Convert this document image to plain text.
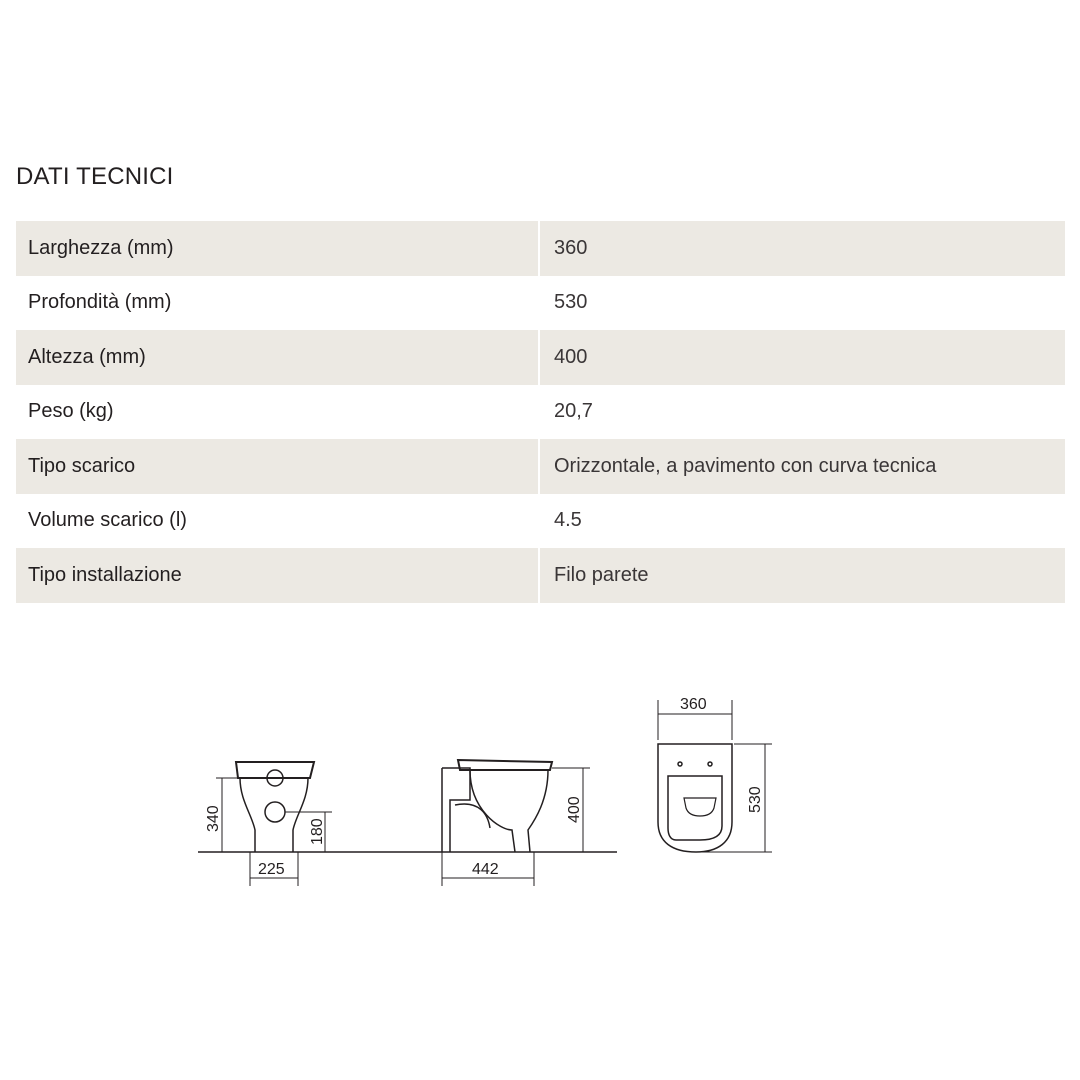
DATI TECNICI
Larghezza (mm)	360
Profondità (mm)	530
Altezza (mm)	400
Peso (kg)	20,7
Tipo scarico	Orizzontale, a pavimento con curva tecnica
Volume scarico (l)	4.5
Tipo installazione	Filo parete
340	180
225
400
442
360
530
